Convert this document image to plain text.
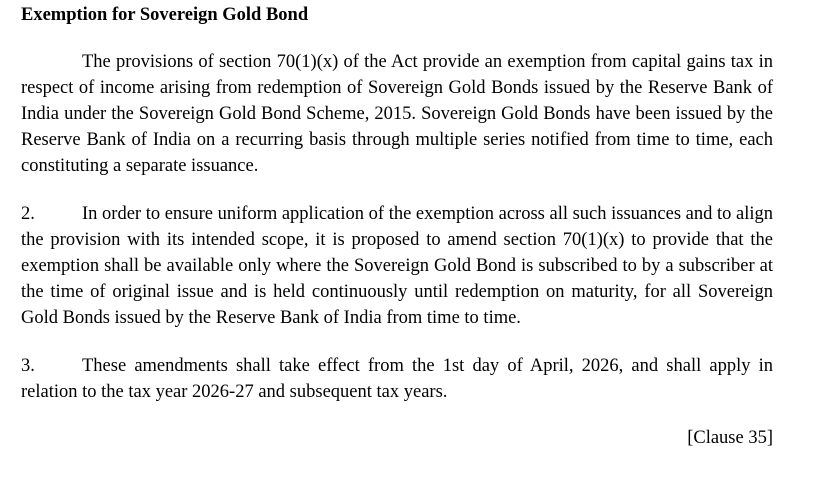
Exemption for Sovereign Gold Bond

The provisions of section 70(1)(x) of the Act provide an exemption from capital gains tax in respect of income arising from redemption of Sovereign Gold Bonds issued by the Reserve Bank of India under the Sovereign Gold Bond Scheme, 2015. Sovereign Gold Bonds have been issued by the Reserve Bank of India on a recurring basis through multiple series notified from time to time, each constituting a separate issuance.

2.	In order to ensure uniform application of the exemption across all such issuances and to align the provision with its intended scope, it is proposed to amend section 70(1)(x) to provide that the exemption shall be available only where the Sovereign Gold Bond is subscribed to by a subscriber at the time of original issue and is held continuously until redemption on maturity, for all Sovereign Gold Bonds issued by the Reserve Bank of India from time to time.

3.	These amendments shall take effect from the 1st day of April, 2026, and shall apply in relation to the tax year 2026-27 and subsequent tax years.

[Clause 35]
